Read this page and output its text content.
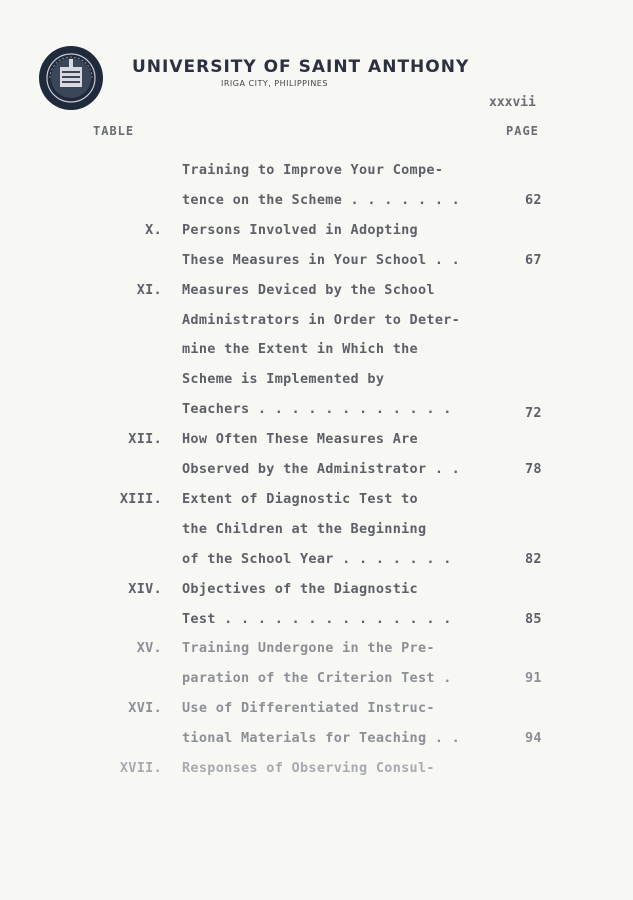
UNIVERSITY OF SAINT ANTHONY
IRIGA CITY, PHILIPPINES
xxxvii
TABLE	PAGE
Training to Improve Your Compe-
tence on the Scheme . . . . . . .	62
X. Persons Involved in Adopting
These Measures in Your School . .	67
XI. Measures Deviced by the School
Administrators in Order to Deter-
mine the Extent in Which the
Scheme is Implemented by
Teachers . . . . . . . . . . . .	72
XII. How Often These Measures Are
Observed by the Administrator . .	78
XIII. Extent of Diagnostic Test to
the Children at the Beginning
of the School Year . . . . . . .	82
XIV. Objectives of the Diagnostic
Test . . . . . . . . . . . . . .	85
XV. Training Undergone in the Pre-
paration of the Criterion Test .	91
XVI. Use of Differentiated Instruc-
tional Materials for Teaching . .	94
XVII. Responses of Observing Consul-
